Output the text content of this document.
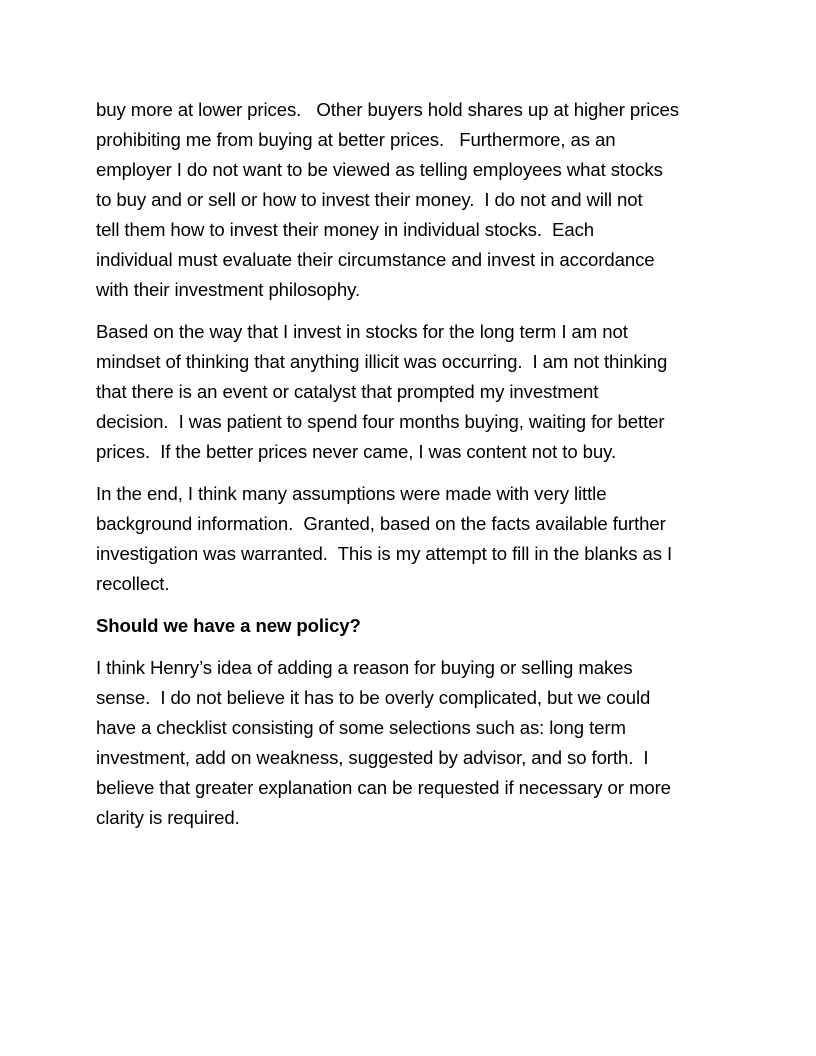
buy more at lower prices.   Other buyers hold shares up at higher prices
prohibiting me from buying at better prices.   Furthermore, as an
employer I do not want to be viewed as telling employees what stocks
to buy and or sell or how to invest their money.  I do not and will not
tell them how to invest their money in individual stocks.  Each
individual must evaluate their circumstance and invest in accordance
with their investment philosophy.

Based on the way that I invest in stocks for the long term I am not
mindset of thinking that anything illicit was occurring.  I am not thinking
that there is an event or catalyst that prompted my investment
decision.  I was patient to spend four months buying, waiting for better
prices.  If the better prices never came, I was content not to buy.

In the end, I think many assumptions were made with very little
background information.  Granted, based on the facts available further
investigation was warranted.  This is my attempt to fill in the blanks as I
recollect.

Should we have a new policy?

I think Henry’s idea of adding a reason for buying or selling makes
sense.  I do not believe it has to be overly complicated, but we could
have a checklist consisting of some selections such as: long term
investment, add on weakness, suggested by advisor, and so forth.  I
believe that greater explanation can be requested if necessary or more
clarity is required.
